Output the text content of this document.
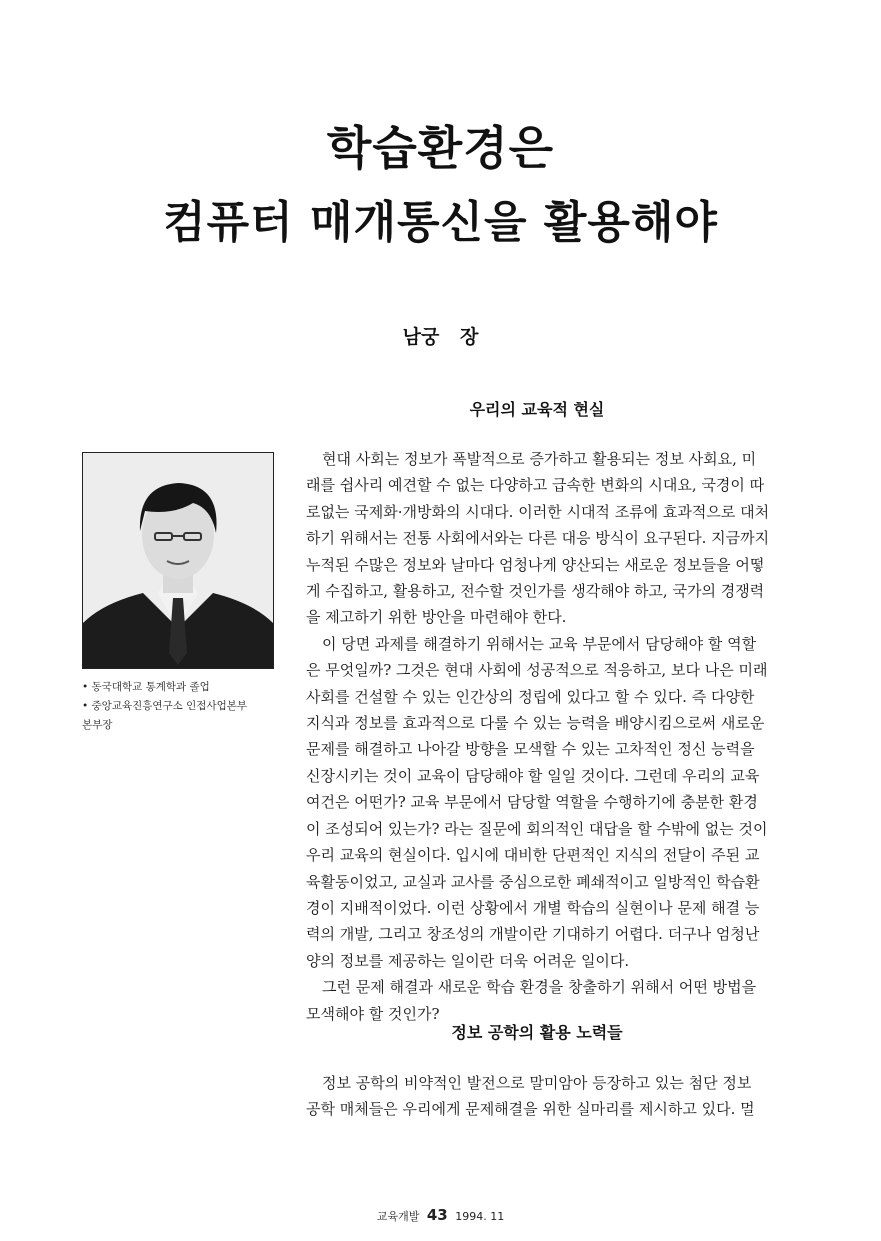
학습환경은
컴퓨터 매개통신을 활용해야
남궁 장
우리의 교육적 현실
• 동국대학교 통계학과 졸업
• 중앙교육진흥연구소 인접사업본부
본부장

현대 사회는 정보가 폭발적으로 증가하고 활용되는 정보 사회요, 미래를 쉽사리 예견할 수 없는 다양하고 급속한 변화의 시대요, 국경이 따로없는 국제화·개방화의 시대다. 이러한 시대적 조류에 효과적으로 대처하기 위해서는 전통 사회에서와는 다른 대응 방식이 요구된다. 지금까지 누적된 수많은 정보와 날마다 엄청나게 양산되는 새로운 정보들을 어떻게 수집하고, 활용하고, 전수할 것인가를 생각해야 하고, 국가의 경쟁력을 제고하기 위한 방안을 마련해야 한다.

이 당면 과제를 해결하기 위해서는 교육 부문에서 담당해야 할 역할은 무엇일까? 그것은 현대 사회에 성공적으로 적응하고, 보다 나은 미래 사회를 건설할 수 있는 인간상의 정립에 있다고 할 수 있다. 즉 다양한 지식과 정보를 효과적으로 다룰 수 있는 능력을 배양시킴으로써 새로운 문제를 해결하고 나아갈 방향을 모색할 수 있는 고차적인 정신 능력을 신장시키는 것이 교육이 담당해야 할 일일 것이다. 그런데 우리의 교육 여건은 어떤가? 교육 부문에서 담당할 역할을 수행하기에 충분한 환경이 조성되어 있는가? 라는 질문에 회의적인 대답을 할 수밖에 없는 것이 우리 교육의 현실이다. 입시에 대비한 단편적인 지식의 전달이 주된 교육활동이었고, 교실과 교사를 중심으로한 폐쇄적이고 일방적인 학습환경이 지배적이었다. 이런 상황에서 개별 학습의 실현이나 문제 해결 능력의 개발, 그리고 창조성의 개발이란 기대하기 어렵다. 더구나 엄청난 양의 정보를 제공하는 일이란 더욱 어려운 일이다.

그런 문제 해결과 새로운 학습 환경을 창출하기 위해서 어떤 방법을 모색해야 할 것인가?

정보 공학의 활용 노력들

정보 공학의 비약적인 발전으로 말미암아 등장하고 있는 첨단 정보 공학 매체들은 우리에게 문제해결을 위한 실마리를 제시하고 있다. 멀

교육개발 43 1994. 11
